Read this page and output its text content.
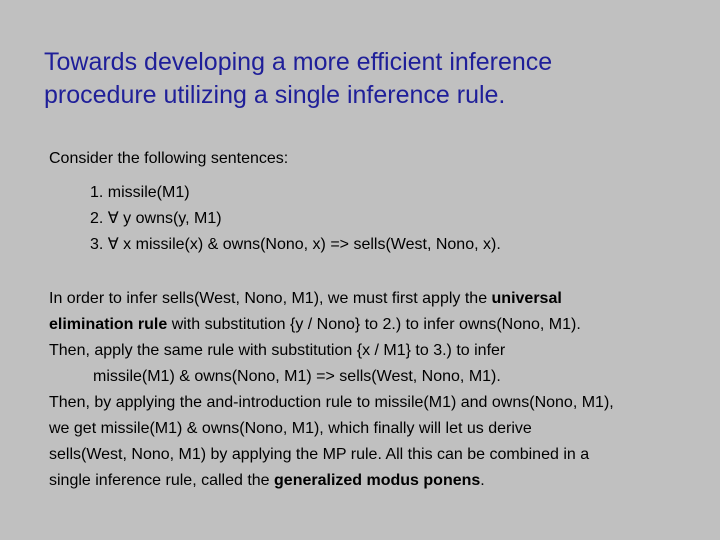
Towards developing a more efficient inference
procedure utilizing a single inference rule.

Consider the following sentences:

1. missile(M1)
2. ∀ y owns(y, M1)
3. ∀ x missile(x) & owns(Nono, x) => sells(West, Nono, x).
In order to infer sells(West, Nono, M1), we must first apply the universal
elimination rule with substitution {y / Nono} to 2.) to infer owns(Nono, M1).
Then, apply the same rule with substitution {x / M1} to 3.) to infer
missile(M1) & owns(Nono, M1) => sells(West, Nono, M1).
Then, by applying the and-introduction rule to missile(M1) and owns(Nono, M1),
we get missile(M1) & owns(Nono, M1), which finally will let us derive
sells(West, Nono, M1) by applying the MP rule. All this can be combined in a
single inference rule, called the generalized modus ponens.
